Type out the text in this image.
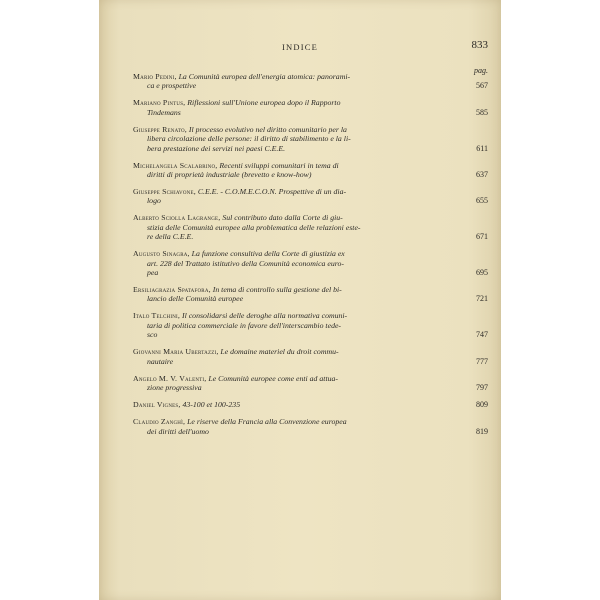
INDICE	833
pag.
Mario Pedini, La Comunità europea dell'energia atomica: panorami-
ca e prospettive	567
Mariano Pintus, Riflessioni sull'Unione europea dopo il Rapporto
Tindemans	585
Giuseppe Renato, Il processo evolutivo nel diritto comunitario per la
libera circolazione delle persone: il diritto di stabilimento e la li-
bera prestazione dei servizi nei paesi C.E.E.	611
Michelangela Scalabrino, Recenti sviluppi comunitari in tema di
diritti di proprietà industriale (brevetto e know-how)	637
Giuseppe Schiavone, C.E.E. - C.O.M.E.C.O.N. Prospettive di un dia-
logo	655
Alberto Sciolla Lagrange, Sul contributo dato dalla Corte di giu-
stizia delle Comunità europee alla problematica delle relazioni este-
re della C.E.E.	671
Augusto Sinagra, La funzione consultiva della Corte di giustizia ex
art. 228 del Trattato istitutivo della Comunità economica euro-
pea	695
Ersiliagrazia Spatafora, In tema di controllo sulla gestione del bi-
lancio delle Comunità europee	721
Italo Telchini, Il consolidarsi delle deroghe alla normativa comuni-
taria di politica commerciale in favore dell'interscambio tede-
sco	747
Giovanni Maria Ubertazzi, Le domaine materiel du droit commu-
nautaire	777
Angelo M. V. Valenti, Le Comunità europee come enti ad attua-
zione progressiva	797
Daniel Vignes, 43-100 et 100-235	809
Claudio Zanghì, Le riserve della Francia alla Convenzione europea
dei diritti dell'uomo	819
